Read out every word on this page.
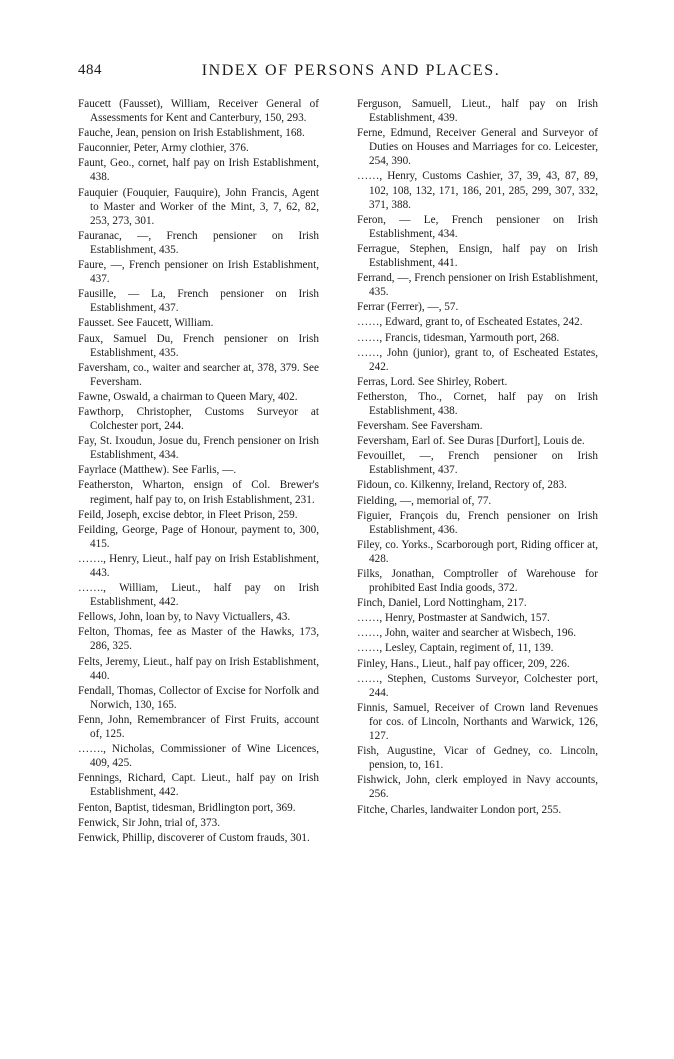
484	INDEX OF PERSONS AND PLACES.

Faucett (Fausset), William, Receiver General of Assessments for Kent and Canterbury, 150, 293.

Fauche, Jean, pension on Irish Establishment, 168.

Fauconnier, Peter, Army clothier, 376.

Faunt, Geo., cornet, half pay on Irish Establishment, 438.

Fauquier (Fouquier, Fauquire), John Francis, Agent to Master and Worker of the Mint, 3, 7, 62, 82, 253, 273, 301.

Fauranac, —, French pensioner on Irish Establishment, 435.

Faure, —, French pensioner on Irish Establishment, 437.

Fausille, — La, French pensioner on Irish Establishment, 437.

Fausset. See Faucett, William.

Faux, Samuel Du, French pensioner on Irish Establishment, 435.

Faversham, co., waiter and searcher at, 378, 379. See Feversham.

Fawne, Oswald, a chairman to Queen Mary, 402.

Fawthorp, Christopher, Customs Surveyor at Colchester port, 244.

Fay, St. Ixoudun, Josue du, French pensioner on Irish Establishment, 434.

Fayrlace (Matthew). See Farlis, —.

Featherston, Wharton, ensign of Col. Brewer's regiment, half pay to, on Irish Establishment, 231.

Feild, Joseph, excise debtor, in Fleet Prison, 259.

Feilding, George, Page of Honour, payment to, 300, 415.

……., Henry, Lieut., half pay on Irish Establishment, 443.

……., William, Lieut., half pay on Irish Establishment, 442.

Fellows, John, loan by, to Navy Victuallers, 43.

Felton, Thomas, fee as Master of the Hawks, 173, 286, 325.

Felts, Jeremy, Lieut., half pay on Irish Establishment, 440.

Fendall, Thomas, Collector of Excise for Norfolk and Norwich, 130, 165.

Fenn, John, Remembrancer of First Fruits, account of, 125.

……., Nicholas, Commissioner of Wine Licences, 409, 425.

Fennings, Richard, Capt. Lieut., half pay on Irish Establishment, 442.

Fenton, Baptist, tidesman, Bridlington port, 369.

Fenwick, Sir John, trial of, 373.

Fenwick, Phillip, discoverer of Custom frauds, 301.

Ferguson, Samuell, Lieut., half pay on Irish Establishment, 439.

Ferne, Edmund, Receiver General and Surveyor of Duties on Houses and Marriages for co. Leicester, 254, 390.

……, Henry, Customs Cashier, 37, 39, 43, 87, 89, 102, 108, 132, 171, 186, 201, 285, 299, 307, 332, 371, 388.

Feron, — Le, French pensioner on Irish Establishment, 434.

Ferrague, Stephen, Ensign, half pay on Irish Establishment, 441.

Ferrand, —, French pensioner on Irish Establishment, 435.

Ferrar (Ferrer), —, 57.

……, Edward, grant to, of Escheated Estates, 242.

……, Francis, tidesman, Yarmouth port, 268.

……, John (junior), grant to, of Escheated Estates, 242.

Ferras, Lord. See Shirley, Robert.

Fetherston, Tho., Cornet, half pay on Irish Establishment, 438.

Feversham. See Faversham.

Feversham, Earl of. See Duras [Durfort], Louis de.

Fevouillet, —, French pensioner on Irish Establishment, 437.

Fidoun, co. Kilkenny, Ireland, Rectory of, 283.

Fielding, —, memorial of, 77.

Figuier, François du, French pensioner on Irish Establishment, 436.

Filey, co. Yorks., Scarborough port, Riding officer at, 428.

Filks, Jonathan, Comptroller of Warehouse for prohibited East India goods, 372.

Finch, Daniel, Lord Nottingham, 217.

……, Henry, Postmaster at Sandwich, 157.

……, John, waiter and searcher at Wisbech, 196.

……, Lesley, Captain, regiment of, 11, 139.

Finley, Hans., Lieut., half pay officer, 209, 226.

……, Stephen, Customs Surveyor, Colchester port, 244.

Finnis, Samuel, Receiver of Crown land Revenues for cos. of Lincoln, Northants and Warwick, 126, 127.

Fish, Augustine, Vicar of Gedney, co. Lincoln, pension, to, 161.

Fishwick, John, clerk employed in Navy accounts, 256.

Fitche, Charles, landwaiter London port, 255.
